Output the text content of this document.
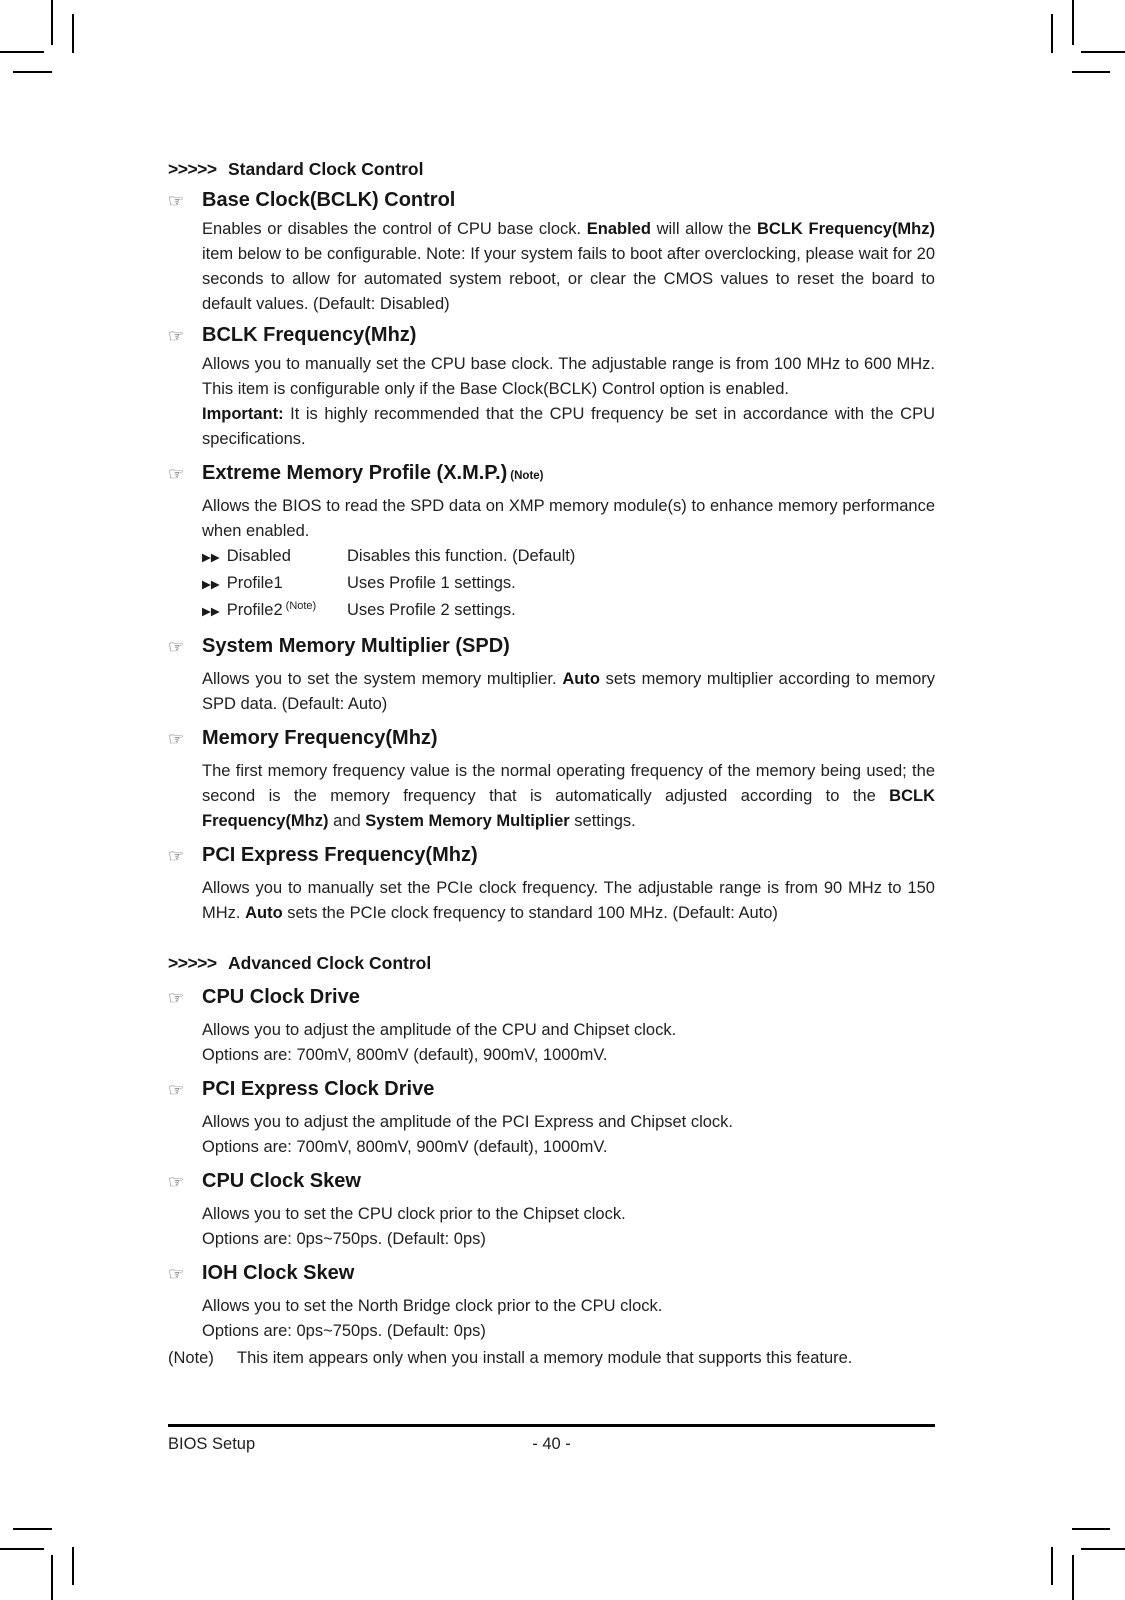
>>>>> Standard Clock Control
☞ Base Clock(BCLK) Control

Enables or disables the control of CPU base clock. Enabled will allow the BCLK Frequency(Mhz) item below to be configurable. Note: If your system fails to boot after overclocking, please wait for 20 seconds to allow for automated system reboot, or clear the CMOS values to reset the board to default values. (Default: Disabled)

☞ BCLK Frequency(Mhz)

Allows you to manually set the CPU base clock. The adjustable range is from 100 MHz to 600 MHz. This item is configurable only if the Base Clock(BCLK) Control option is enabled.

Important: It is highly recommended that the CPU frequency be set in accordance with the CPU specifications.

☞ Extreme Memory Profile (X.M.P.) (Note)

Allows the BIOS to read the SPD data on XMP memory module(s) to enhance memory performance when enabled.

▶▶ Disabled	Disables this function. (Default)
▶▶ Profile1	Uses Profile 1 settings.
▶▶ Profile2 $^{(Note)}$	Uses Profile 2 settings.
☞ System Memory Multiplier (SPD)

Allows you to set the system memory multiplier. Auto sets memory multiplier according to memory SPD data. (Default: Auto)

☞ Memory Frequency(Mhz)

The first memory frequency value is the normal operating frequency of the memory being used; the second is the memory frequency that is automatically adjusted according to the BCLK Frequency(Mhz) and System Memory Multiplier settings.

☞ PCI Express Frequency(Mhz)

Allows you to manually set the PCIe clock frequency. The adjustable range is from 90 MHz to 150 MHz. Auto sets the PCIe clock frequency to standard 100 MHz. (Default: Auto)

>>>>> Advanced Clock Control
☞ CPU Clock Drive

Allows you to adjust the amplitude of the CPU and Chipset clock.

Options are: 700mV, 800mV (default), 900mV, 1000mV.

☞ PCI Express Clock Drive

Allows you to adjust the amplitude of the PCI Express and Chipset clock.

Options are: 700mV, 800mV, 900mV (default), 1000mV.

☞ CPU Clock Skew

Allows you to set the CPU clock prior to the Chipset clock.

Options are: 0ps~750ps. (Default: 0ps)

☞ IOH Clock Skew

Allows you to set the North Bridge clock prior to the CPU clock.

Options are: 0ps~750ps. (Default: 0ps)

(Note)	This item appears only when you install a memory module that supports this feature.
BIOS Setup	- 40 -
